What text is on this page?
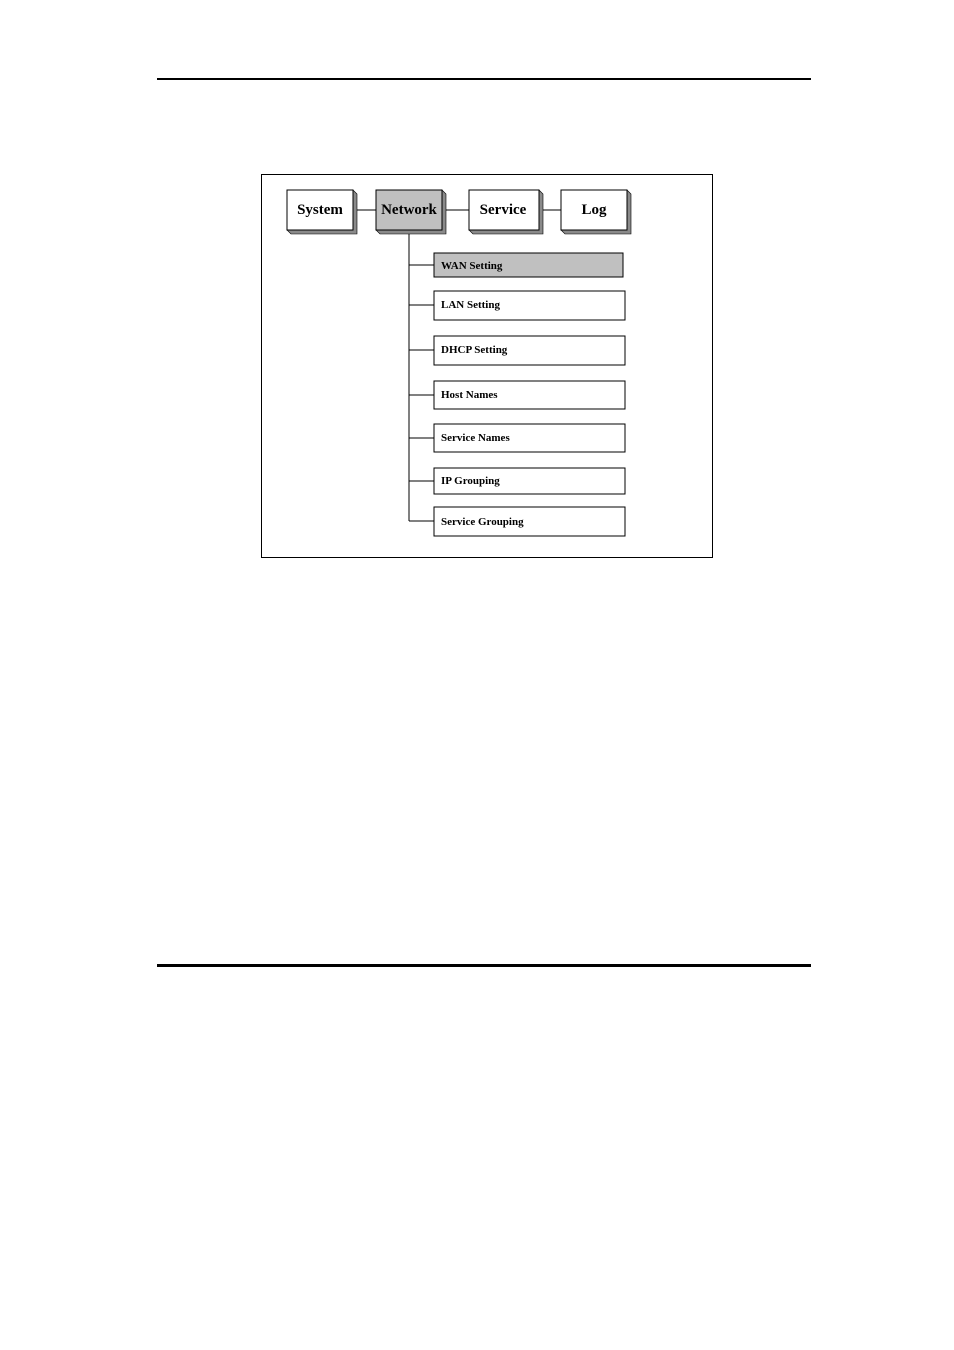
System	Network	Service	Log
WAN Setting
LAN Setting
DHCP Setting
Host Names
Service Names
IP Grouping
Service Grouping
